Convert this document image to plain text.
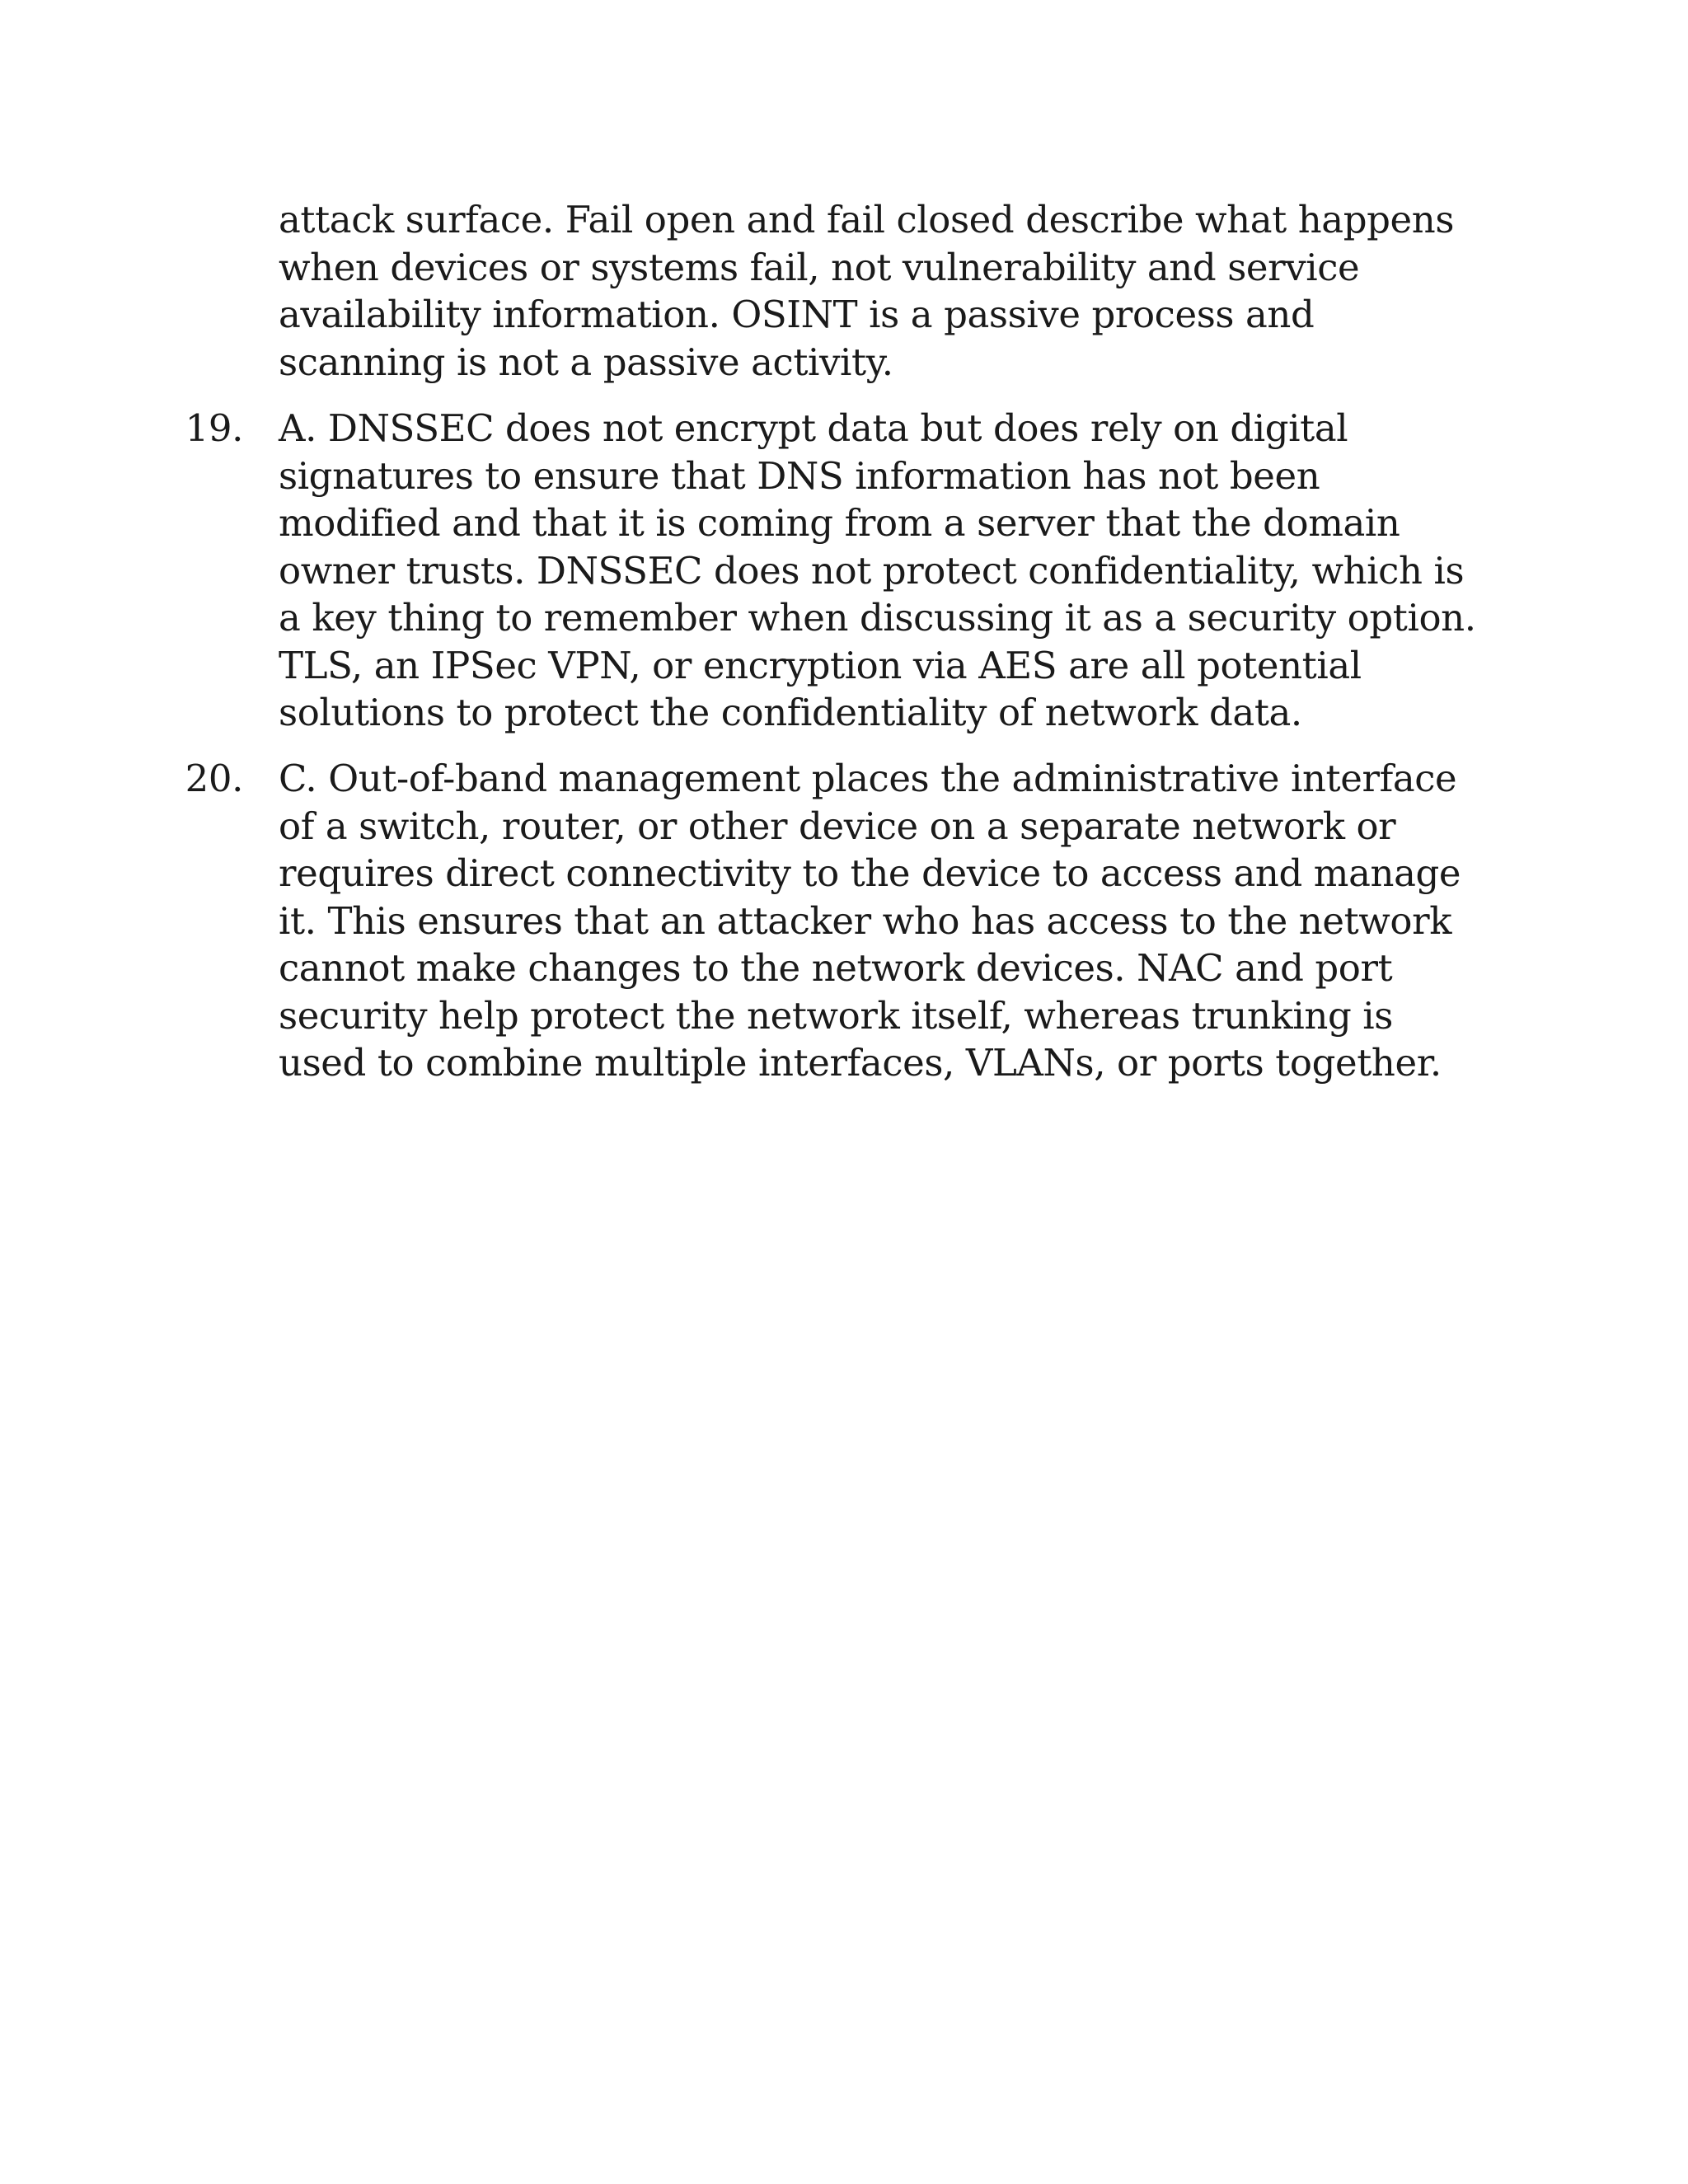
attack surface. Fail open and fail closed describe what happens when devices or systems fail, not vulnerability and service availability information. OSINT is a passive process and scanning is not a passive activity.

19. A. DNSSEC does not encrypt data but does rely on digital signatures to ensure that DNS information has not been modified and that it is coming from a server that the domain owner trusts. DNSSEC does not protect confidentiality, which is a key thing to remember when discussing it as a security option. TLS, an IPSec VPN, or encryption via AES are all potential solutions to protect the confidentiality of network data.

20. C. Out-of-band management places the administrative interface of a switch, router, or other device on a separate network or requires direct connectivity to the device to access and manage it. This ensures that an attacker who has access to the network cannot make changes to the network devices. NAC and port security help protect the network itself, whereas trunking is used to combine multiple interfaces, VLANs, or ports together.
